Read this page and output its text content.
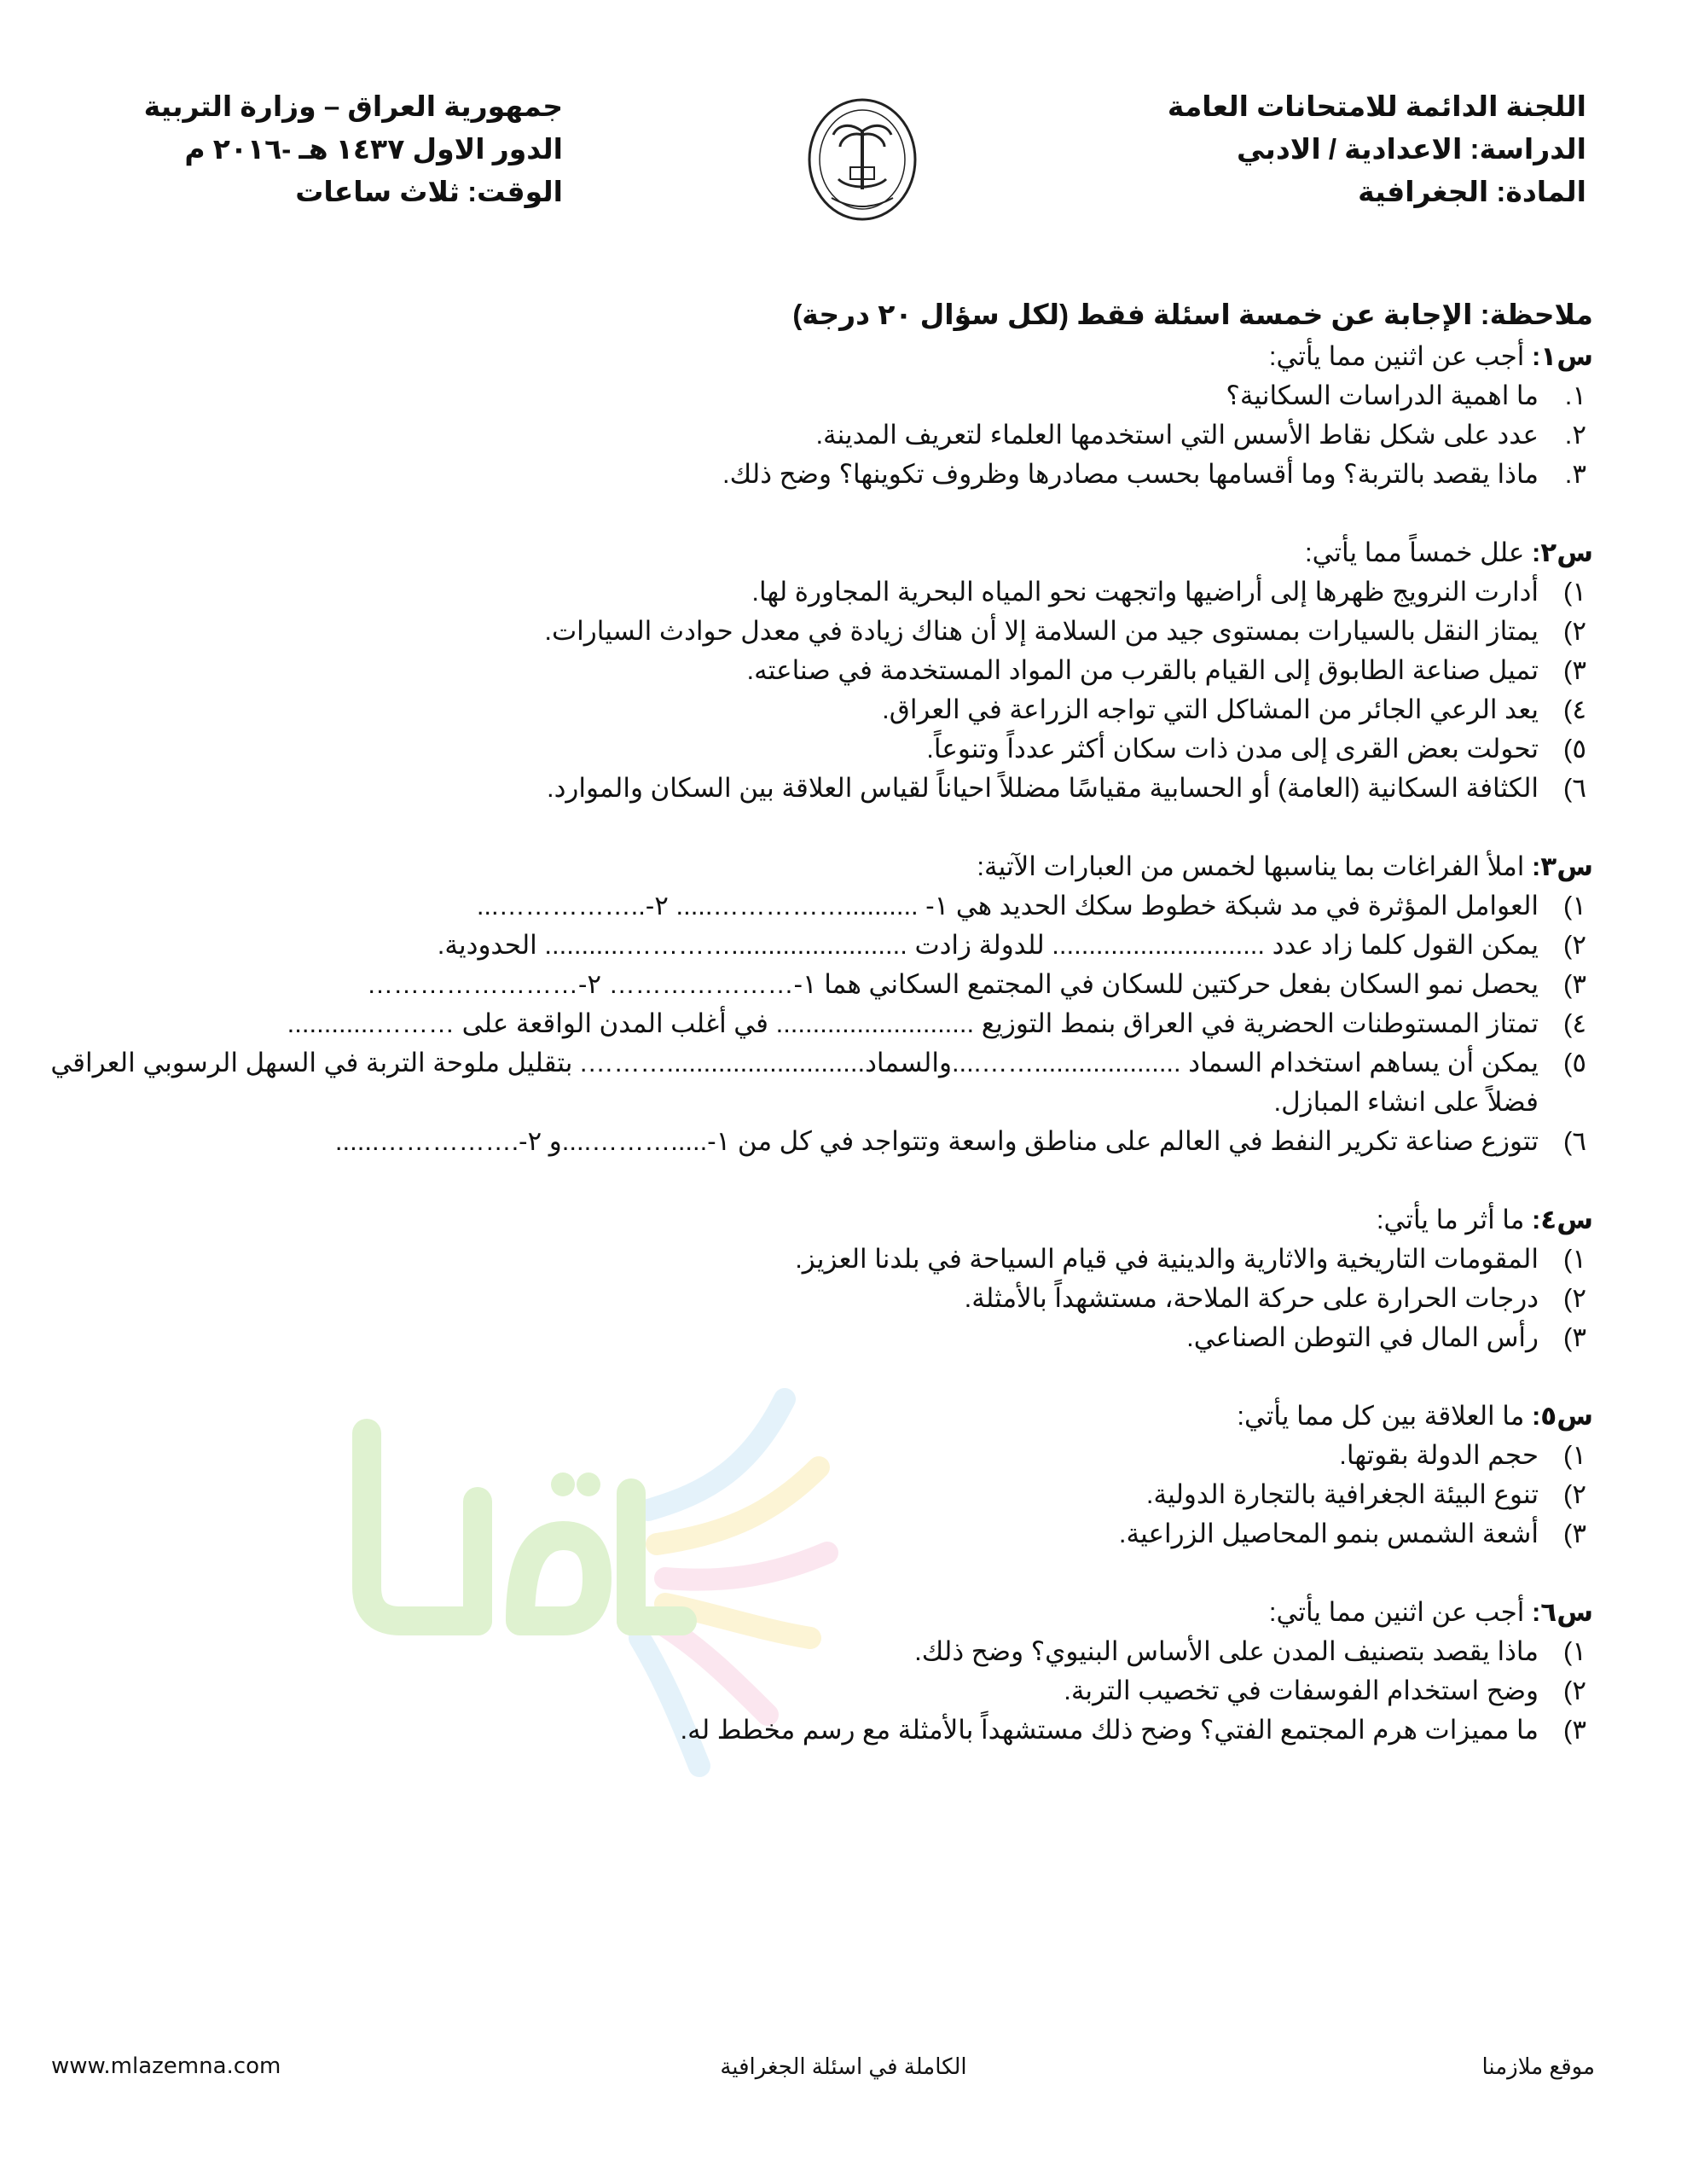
اللجنة الدائمة للامتحانات العامة
الدراسة: الاعدادية / الادبي
المادة: الجغرافية
جمهورية العراق – وزارة التربية
الدور الاول ١٤٣٧ هـ -٢٠١٦ م
الوقت: ثلاث ساعات
ملاحظة: الإجابة عن خمسة اسئلة فقط (لكل سؤال ٢٠ درجة)
س١: أجب عن اثنين مما يأتي:
١.
ما اهمية الدراسات السكانية؟
٢.
عدد على شكل نقاط الأسس التي استخدمها العلماء لتعريف المدينة.
٣.
ماذا يقصد بالتربة؟ وما أقسامها بحسب مصادرها وظروف تكوينها؟ وضح ذلك.
س٢: علل خمساً مما يأتي:
١)
أدارت النرويج ظهرها إلى أراضيها واتجهت نحو المياه البحرية المجاورة لها.
٢)
يمتاز النقل بالسيارات بمستوى جيد من السلامة إلا أن هناك زيادة في معدل حوادث السيارات.
٣)
تميل صناعة الطابوق إلى القيام بالقرب من المواد المستخدمة في صناعته.
٤)
يعد الرعي الجائر من المشاكل التي تواجه الزراعة في العراق.
٥)
تحولت بعض القرى إلى مدن ذات سكان أكثر عدداً وتنوعاً.
٦)
الكثافة السكانية (العامة) أو الحسابية مقياسًا مضللاً احياناً لقياس العلاقة بين السكان والموارد.
س٣: املأ الفراغات بما يناسبها لخمس من العبارات الآتية:
١)
العوامل المؤثرة في مد شبكة خطوط سكك الحديد هي ١- ..........……………..... ٢-..……………...
٢)
يمكن القول كلما زاد عدد ............................. للدولة زادت ........................…………........... الحدودية.
٣)
يحصل نمو السكان بفعل حركتين للسكان في المجتمع السكاني هما ١-………………… ٢-……………………
٤)
تمتاز المستوطنات الحضرية في العراق بنمط التوزيع ........................... في أغلب المدن الواقعة على ………............
٥)
يمكن أن يساهم استخدام السماد ....................……....والسماد...........................………. بتقليل ملوحة التربة في السهل الرسوبي العراقي فضلاً على انشاء المبازل.
٦)
تتوزع صناعة تكرير النفط في العالم على مناطق واسعة وتتواجد في كل من ١-.....………....و ٢-.……………......
س٤: ما أثر ما يأتي:
١)
المقومات التاريخية والاثارية والدينية في قيام السياحة في بلدنا العزيز.
٢)
درجات الحرارة على حركة الملاحة، مستشهداً بالأمثلة.
٣)
رأس المال في التوطن الصناعي.
س٥: ما العلاقة بين كل مما يأتي:
١)
حجم الدولة بقوتها.
٢)
تنوع البيئة الجغرافية بالتجارة الدولية.
٣)
أشعة الشمس بنمو المحاصيل الزراعية.
س٦: أجب عن اثنين مما يأتي:
١)
ماذا يقصد بتصنيف المدن على الأساس البنيوي؟ وضح ذلك.
٢)
وضح استخدام الفوسفات في تخصيب التربة.
٣)
ما مميزات هرم المجتمع الفتي؟ وضح ذلك مستشهداً بالأمثلة مع رسم مخطط له.
www.mlazemna.com	الكاملة في اسئلة الجغرافية	موقع ملازمنا
